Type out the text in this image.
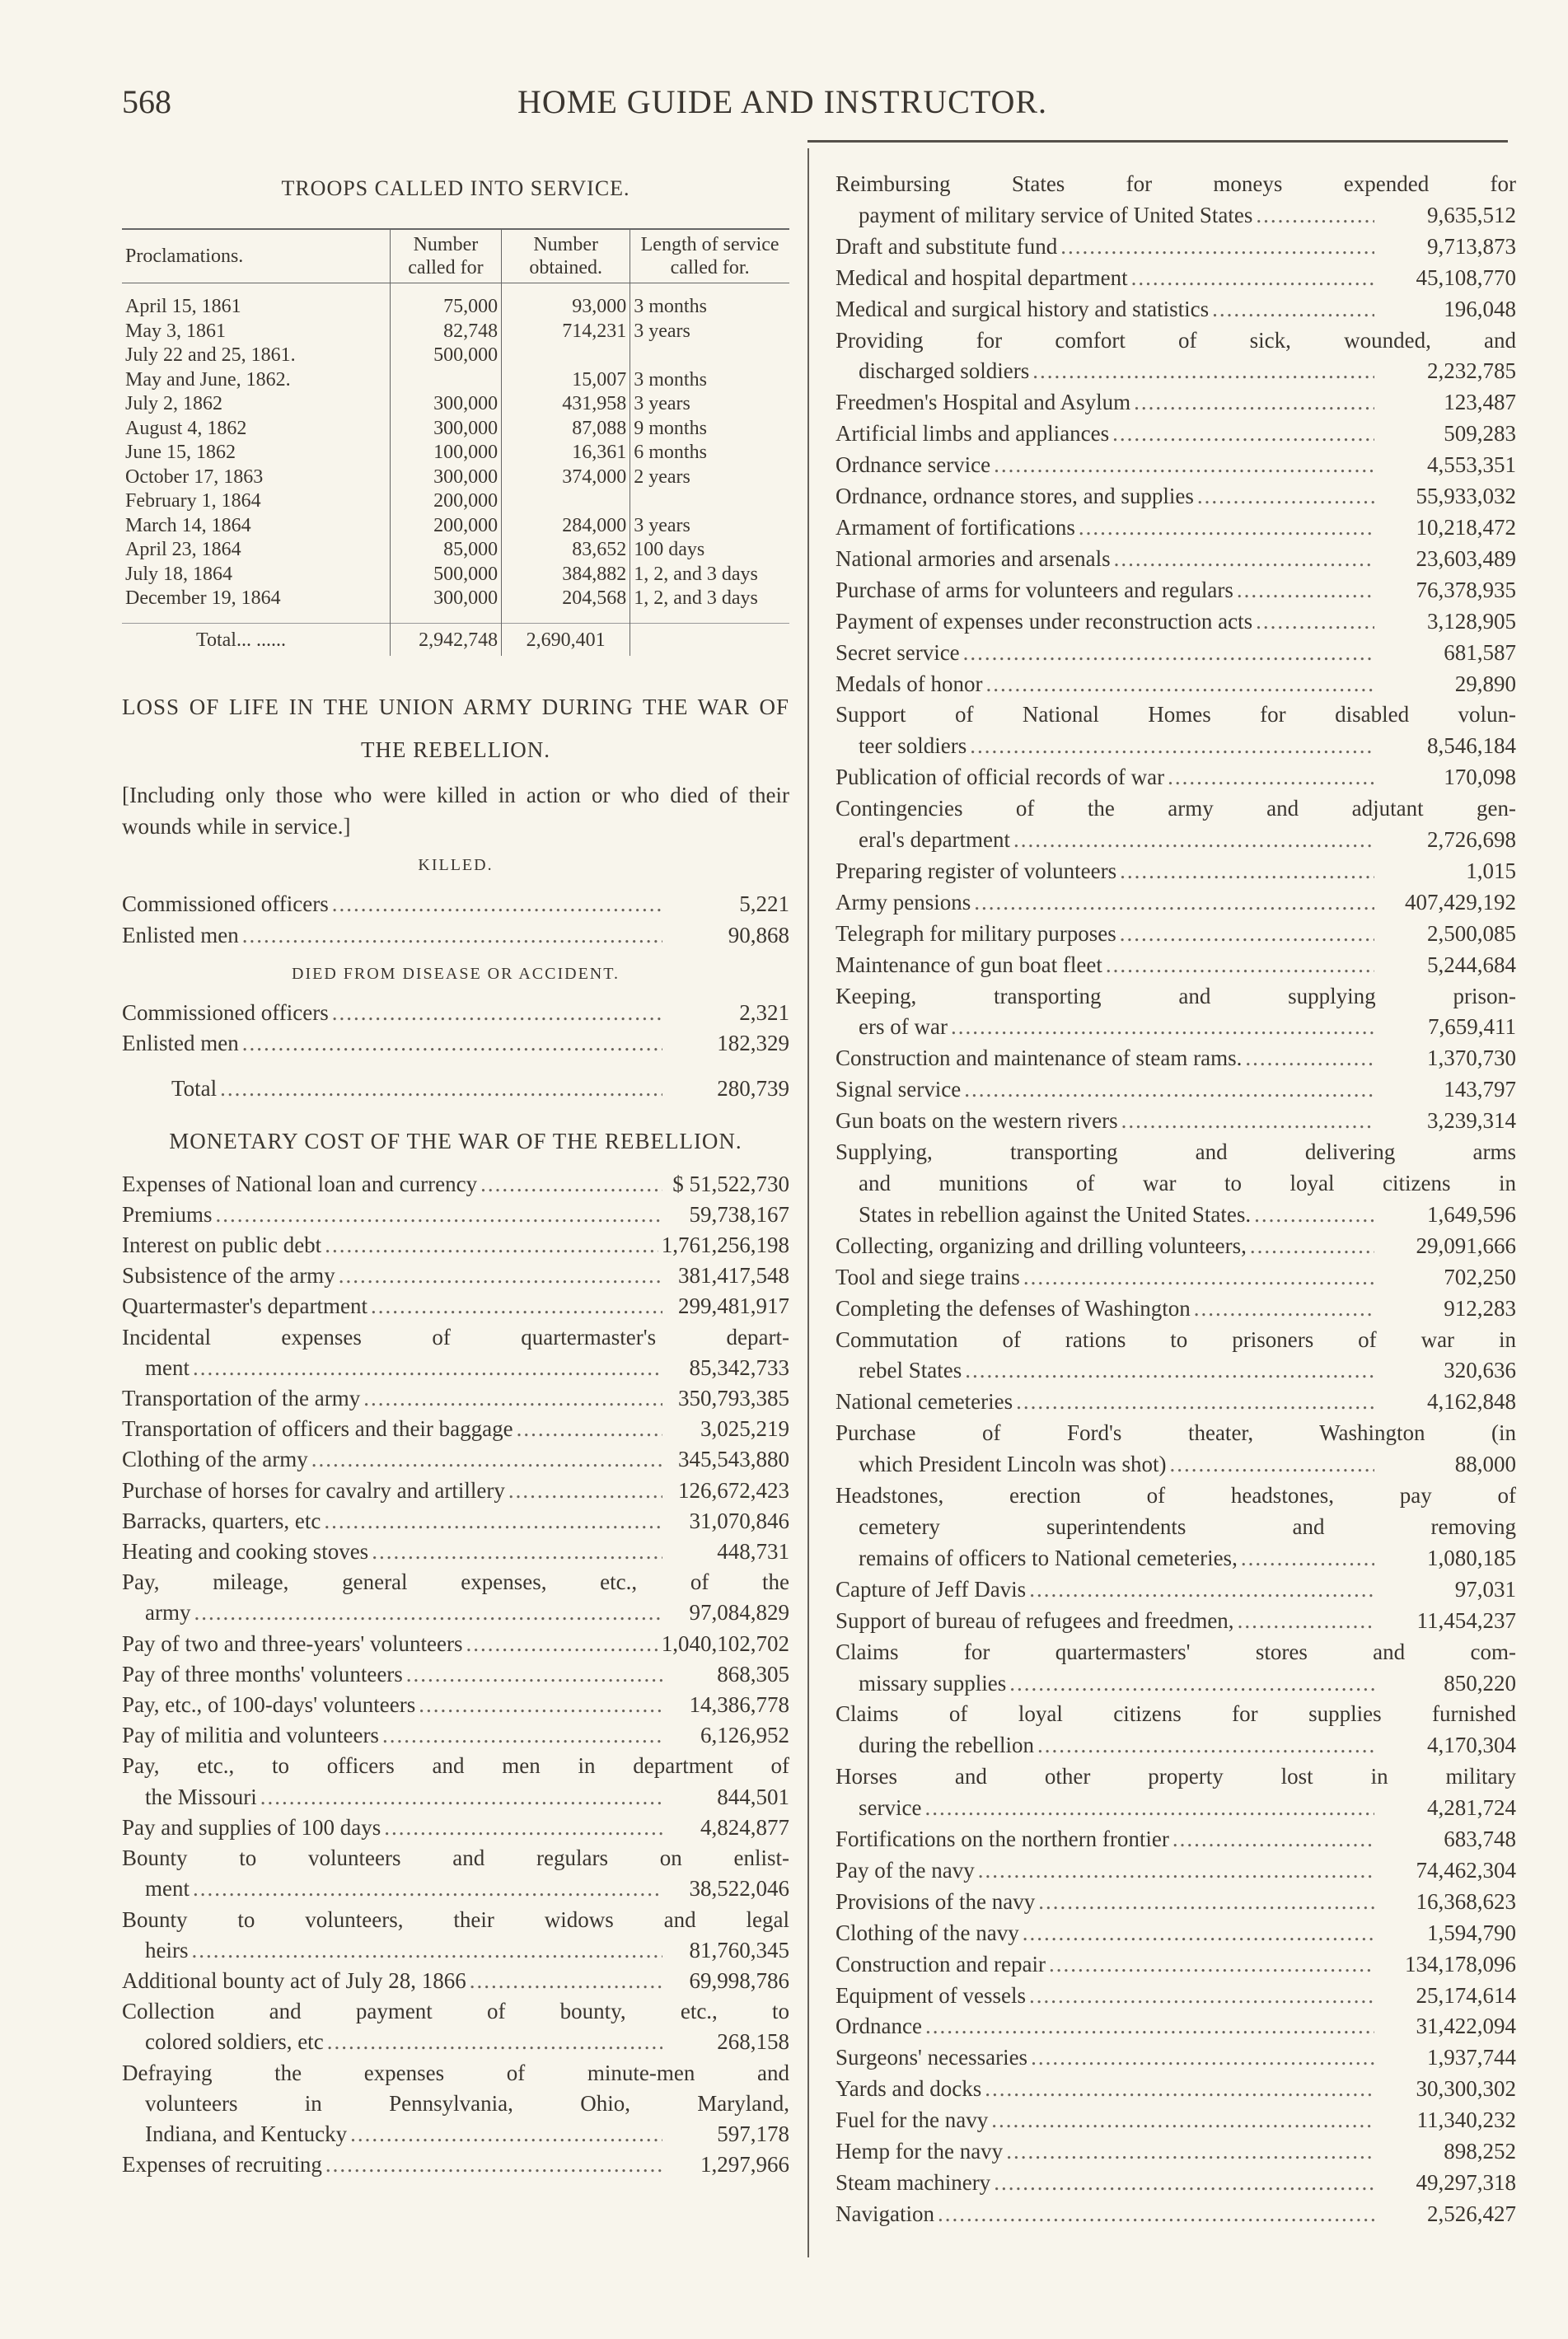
568	HOME GUIDE AND INSTRUCTOR.
TROOPS CALLED INTO SERVICE.
Proclamations.	Number called for	Number obtained.	Length of service called for.

April 15, 1861	75,000	93,000	3 months
May 3, 1861	82,748	714,231	3 years
July 22 and 25, 1861.	500,000		
May and June, 1862.		15,007	3 months
July 2, 1862	300,000	431,958	3 years
August 4, 1862	300,000	87,088	9 months
June 15, 1862	100,000	16,361	6 months
October 17, 1863	300,000	374,000	2 years
February 1, 1864	200,000		
March 14, 1864	200,000	284,000	3 years
April 23, 1864	85,000	83,652	100 days
July 18, 1864	500,000	384,882	1, 2, and 3 days
December 19, 1864	300,000	204,568	1, 2, and 3 days

Total... ......	2,942,748	2,690,401	
LOSS OF LIFE IN THE UNION ARMY DURING THE WAR OF THE REBELLION.
[Including only those who were killed in action or who died of their wounds while in service.]
KILLED.
Commissioned officers .....	5,221
Enlisted men .....	90,868
DIED FROM DISEASE OR ACCIDENT.
Commissioned officers .....	2,321
Enlisted men .....	182,329
Total .....	280,739
MONETARY COST OF THE WAR OF THE REBELLION.
Expenses of National loan and currency .....	$ 51,522,730
Premiums .....	59,738,167
Interest on public debt .....	1,761,256,198
Subsistence of the army .....	381,417,548
Quartermaster's department .....	299,481,917
Incidental expenses of quartermaster's depart-
ment .....	85,342,733
Transportation of the army .....	350,793,385
Transportation of officers and their baggage .....	3,025,219
Clothing of the army .....	345,543,880
Purchase of horses for cavalry and artillery .....	126,672,423
Barracks, quarters, etc .....	31,070,846
Heating and cooking stoves .....	448,731
Pay, mileage, general expenses, etc., of the
army .....	97,084,829
Pay of two and three-years' volunteers .....	1,040,102,702
Pay of three months' volunteers .....	868,305
Pay, etc., of 100-days' volunteers .....	14,386,778
Pay of militia and volunteers .....	6,126,952
Pay, etc., to officers and men in department of
the Missouri .....	844,501
Pay and supplies of 100 days .....	4,824,877
Bounty to volunteers and regulars on enlist-
ment .....	38,522,046
Bounty to volunteers, their widows and legal
heirs .....	81,760,345
Additional bounty act of July 28, 1866 .....	69,998,786
Collection and payment of bounty, etc., to
colored soldiers, etc .....	268,158
Defraying the expenses of minute-men and
volunteers in Pennsylvania, Ohio, Maryland,
Indiana, and Kentucky .....	597,178
Expenses of recruiting .....	1,297,966
Reimbursing States for moneys expended for
payment of military service of United States .....	9,635,512
Draft and substitute fund .....	9,713,873
Medical and hospital department .....	45,108,770
Medical and surgical history and statistics .....	196,048
Providing for comfort of sick, wounded, and
discharged soldiers .....	2,232,785
Freedmen's Hospital and Asylum .....	123,487
Artificial limbs and appliances .....	509,283
Ordnance service .....	4,553,351
Ordnance, ordnance stores, and supplies .....	55,933,032
Armament of fortifications .....	10,218,472
National armories and arsenals .....	23,603,489
Purchase of arms for volunteers and regulars .....	76,378,935
Payment of expenses under reconstruction acts .....	3,128,905
Secret service .....	681,587
Medals of honor .....	29,890
Support of National Homes for disabled volun-
teer soldiers .....	8,546,184
Publication of official records of war .....	170,098
Contingencies of the army and adjutant gen-
eral's department .....	2,726,698
Preparing register of volunteers .....	1,015
Army pensions .....	407,429,192
Telegraph for military purposes .....	2,500,085
Maintenance of gun boat fleet .....	5,244,684
Keeping, transporting and supplying prison-
ers of war .....	7,659,411
Construction and maintenance of steam rams. .....	1,370,730
Signal service .....	143,797
Gun boats on the western rivers .....	3,239,314
Supplying, transporting and delivering arms
and munitions of war to loyal citizens in
States in rebellion against the United States. .....	1,649,596
Collecting, organizing and drilling volunteers, .....	29,091,666
Tool and siege trains .....	702,250
Completing the defenses of Washington .....	912,283
Commutation of rations to prisoners of war in
rebel States .....	320,636
National cemeteries .....	4,162,848
Purchase of Ford's theater, Washington (in
which President Lincoln was shot) .....	88,000
Headstones, erection of headstones, pay of
cemetery superintendents and removing
remains of officers to National cemeteries, .....	1,080,185
Capture of Jeff Davis .....	97,031
Support of bureau of refugees and freedmen, .....	11,454,237
Claims for quartermasters' stores and com-
missary supplies .....	850,220
Claims of loyal citizens for supplies furnished
during the rebellion .....	4,170,304
Horses and other property lost in military
service .....	4,281,724
Fortifications on the northern frontier .....	683,748
Pay of the navy .....	74,462,304
Provisions of the navy .....	16,368,623
Clothing of the navy .....	1,594,790
Construction and repair .....	134,178,096
Equipment of vessels .....	25,174,614
Ordnance .....	31,422,094
Surgeons' necessaries .....	1,937,744
Yards and docks .....	30,300,302
Fuel for the navy .....	11,340,232
Hemp for the navy .....	898,252
Steam machinery .....	49,297,318
Navigation .....	2,526,427
